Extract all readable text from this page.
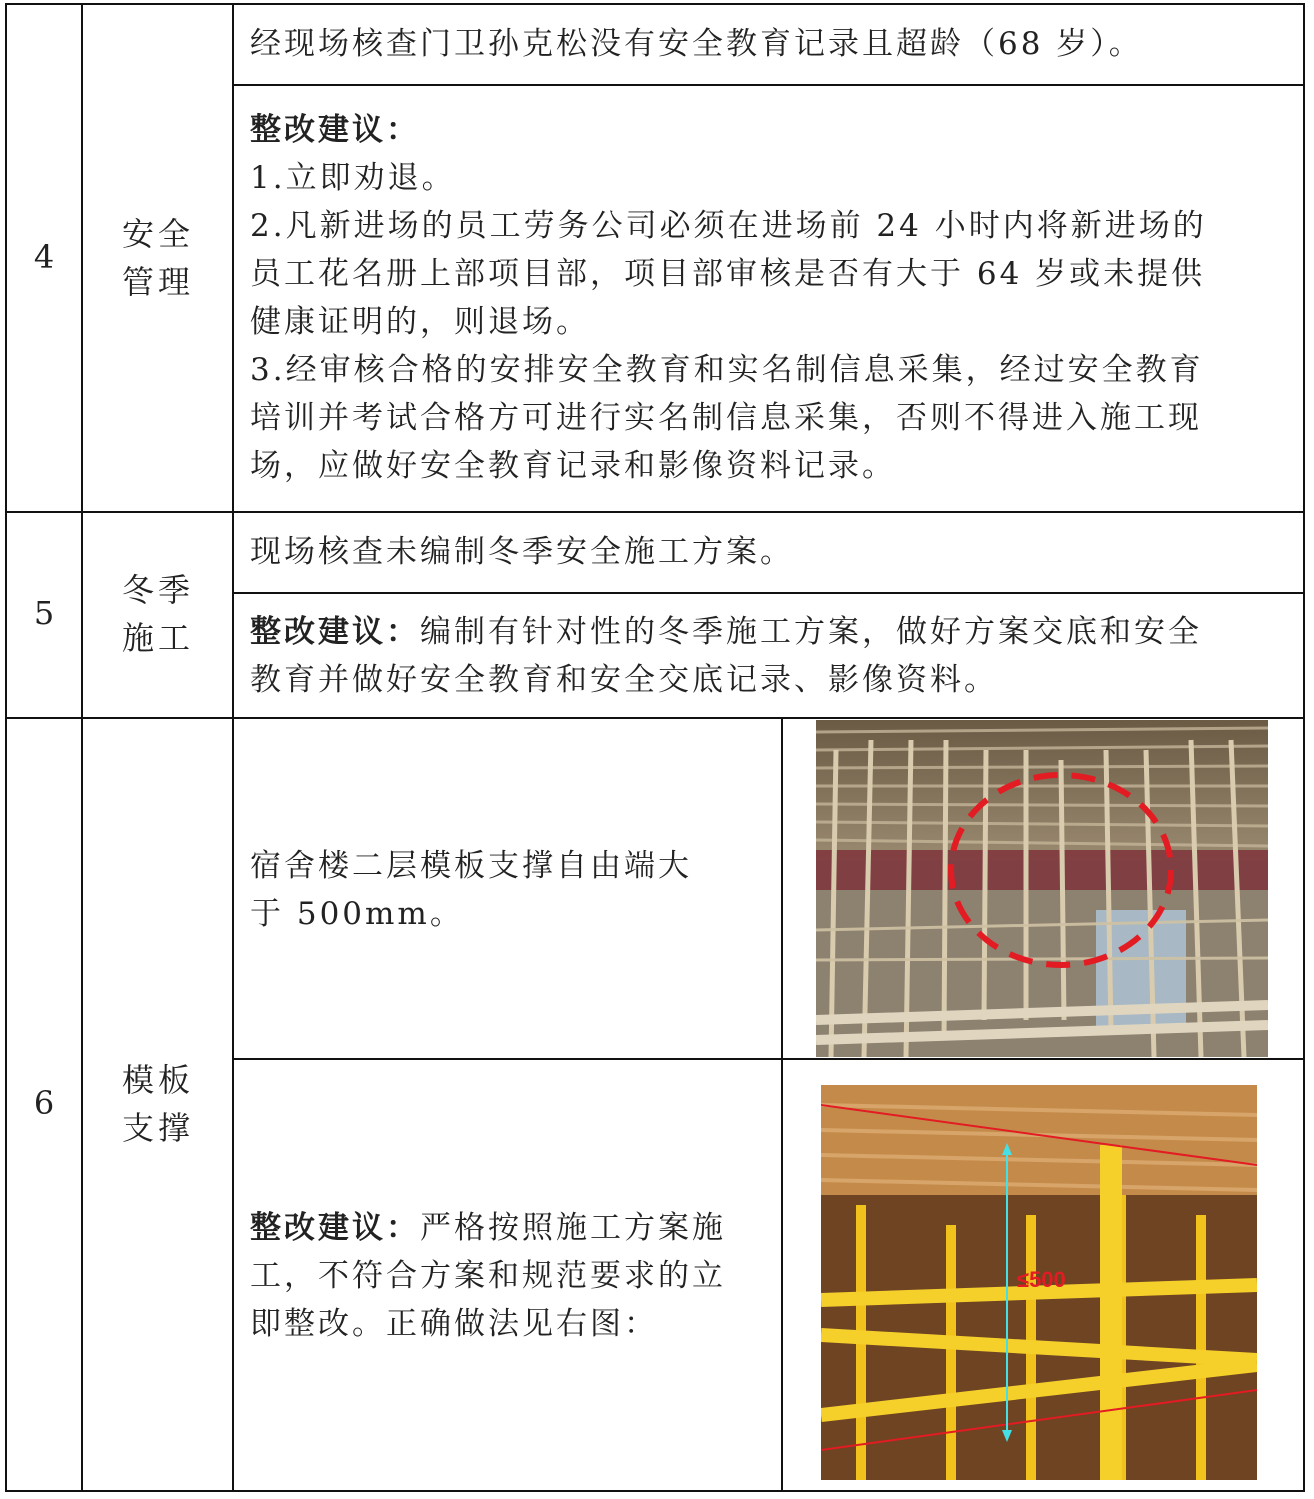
4
安全
管理
经现场核查门卫孙克松没有安全教育记录且超龄（68 岁）。
整改建议：
1.立即劝退。
2.凡新进场的员工劳务公司必须在进场前 24 小时内将新进场的
员工花名册上部项目部，项目部审核是否有大于 64 岁或未提供
健康证明的，则退场。
3.经审核合格的安排安全教育和实名制信息采集，经过安全教育
培训并考试合格方可进行实名制信息采集，否则不得进入施工现
场，应做好安全教育记录和影像资料记录。
5
冬季
施工
现场核查未编制冬季安全施工方案。
整改建议：编制有针对性的冬季施工方案，做好方案交底和安全
教育并做好安全教育和安全交底记录、影像资料。
6
模板
支撑
宿舍楼二层模板支撑自由端大
于 500mm。
整改建议：严格按照施工方案施
工，不符合方案和规范要求的立
即整改。正确做法见右图：
≤500
